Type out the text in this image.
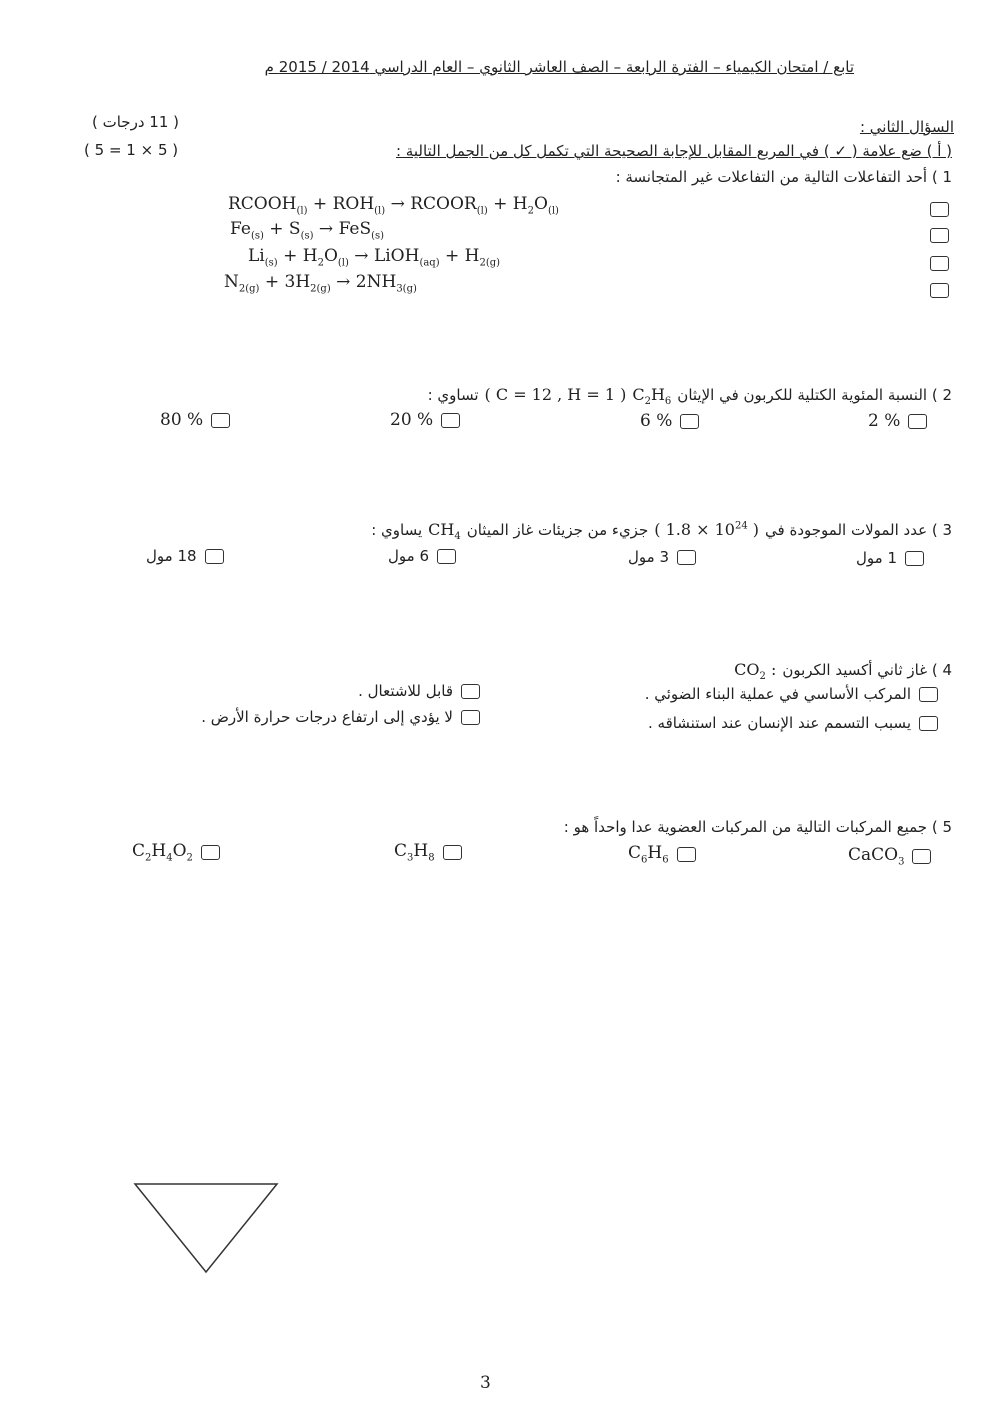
تابع / امتحان الكيمياء – الفترة الرابعة – الصف العاشر الثانوي – العام الدراسي 2014 / 2015 م
السؤال الثاني :
( 11 درجات )
( 5 × 1 = 5 )	( أ ) ضع علامة ( ✓ ) في المربع المقابل للإجابة الصحيحة التي تكمل كل من الجمل التالية :
1 ) أحد التفاعلات التالية من التفاعلات غير المتجانسة :
$RCOOH_{(l)} + ROH_{(l)}$ → $RCOOR_{(l)} + H_2O_{(l)}$
$Fe_{(s)} + S_{(s)} \to FeS_{(s)}$
$Li_{(s)} + H_2O_{(l)}$ → LiOH$_{(aq)}$ + $H_{2(g)}$
$N_{2(g)} + 3H_{2(g)} \to 2NH_{3(g)}$
2 ) النسبة المئوية الكتلية للكربون في الإيثان
$C_2H_6$
( C = 12 , H = 1 )
تساوي :
2 %
6 %
20 %
80 %
3 ) عدد المولات الموجودة في
( $1.8 \times 10^{24}$ )
جزيء من جزيئات غاز الميثان
$CH_4$
يساوي :
1 مول
3 مول
6 مول
18 مول
4 ) غاز ثاني أكسيد الكربون
$CO_2$ :
المركب الأساسي في عملية البناء الضوئي .
قابل للاشتعال .
يسبب التسمم عند الإنسان عند استنشاقه .
لا يؤدي إلى ارتفاع درجات حرارة الأرض .
5 ) جميع المركبات التالية من المركبات العضوية عدا واحداً هو :
CaCO$_3$
$C_6H_6$
$C_3H_8$
$C_2H_4O_2$
3
